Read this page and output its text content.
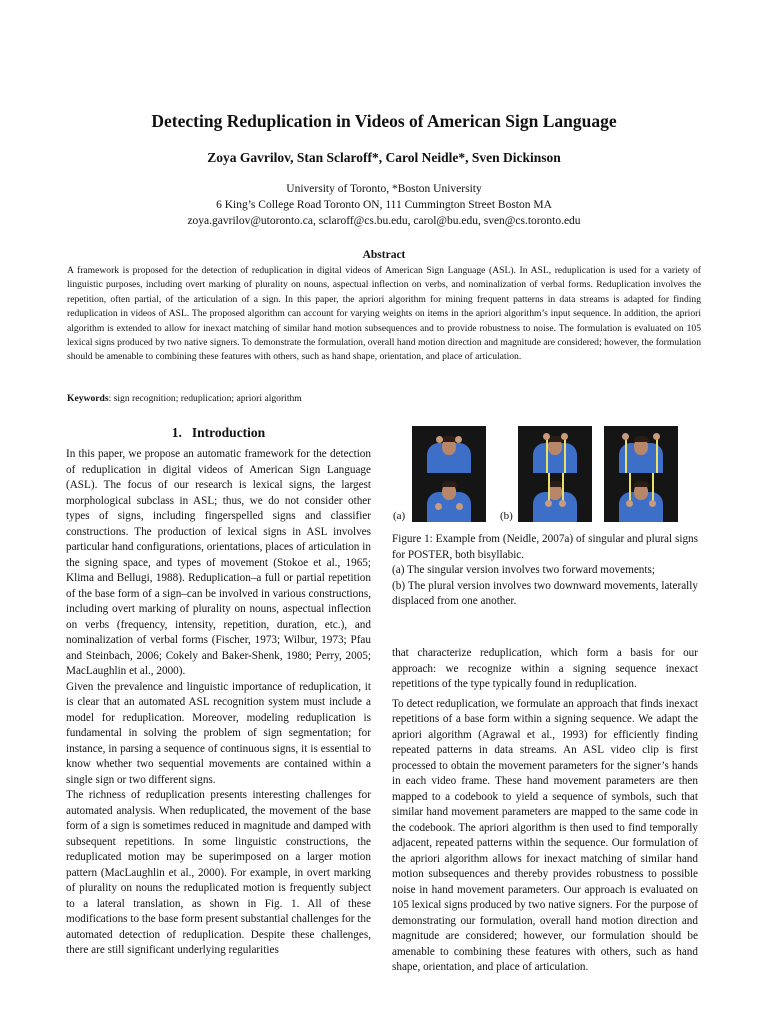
Detecting Reduplication in Videos of American Sign Language
Zoya Gavrilov, Stan Sclaroff*, Carol Neidle*, Sven Dickinson
University of Toronto, *Boston University
6 King’s College Road Toronto ON, 111 Cummington Street Boston MA
zoya.gavrilov@utoronto.ca, sclaroff@cs.bu.edu, carol@bu.edu, sven@cs.toronto.edu
Abstract

A framework is proposed for the detection of reduplication in digital videos of American Sign Language (ASL). In ASL, reduplication is used for a variety of linguistic purposes, including overt marking of plurality on nouns, aspectual inflection on verbs, and nominalization of verbal forms. Reduplication involves the repetition, often partial, of the articulation of a sign. In this paper, the apriori algorithm for mining frequent patterns in data streams is adapted for finding reduplication in videos of ASL. The proposed algorithm can account for varying weights on items in the apriori algorithm’s input sequence. In addition, the apriori algorithm is extended to allow for inexact matching of similar hand motion subsequences and to provide robustness to noise. The formulation is evaluated on 105 lexical signs produced by two native signers. To demonstrate the formulation, overall hand motion direction and magnitude are considered; however, the formulation should be amenable to combining these features with others, such as hand shape, orientation, and place of articulation.

Keywords: sign recognition; reduplication; apriori algorithm
1. Introduction

In this paper, we propose an automatic framework for the detection of reduplication in digital videos of American Sign Language (ASL). The focus of our research is lexical signs, the largest morphological subclass in ASL; thus, we do not consider other types of signs, including fingerspelled signs and classifier constructions. The production of lexical signs in ASL involves particular hand configurations, orientations, places of articulation in the signing space, and types of movement (Stokoe et al., 1965; Klima and Bellugi, 1988). Reduplication–a full or partial repetition of the base form of a sign–can be involved in various constructions, including overt marking of plurality on nouns, aspectual inflection on verbs (frequency, intensity, repetition, duration, etc.), and nominalization of verbal forms (Fischer, 1973; Wilbur, 1973; Pfau and Steinbach, 2006; Cokely and Baker-Shenk, 1980; Perry, 2005; MacLaughlin et al., 2000).

Given the prevalence and linguistic importance of reduplication, it is clear that an automated ASL recognition system must include a model for reduplication. Moreover, modeling reduplication is fundamental in solving the problem of sign segmentation; for instance, in parsing a sequence of continuous signs, it is essential to know whether two sequential movements are contained within a single sign or two different signs.

The richness of reduplication presents interesting challenges for automated analysis. When reduplicated, the movement of the base form of a sign is sometimes reduced in magnitude and damped with subsequent repetitions. In some linguistic constructions, the reduplicated motion may be superimposed on a larger motion pattern (MacLaughlin et al., 2000). For example, in overt marking of plurality on nouns the reduplicated motion is frequently subject to a lateral translation, as shown in Fig. 1. All of these modifications to the base form present substantial challenges for the automated detection of reduplication. Despite these challenges, there are still significant underlying regularities

(a)	(b)
Figure 1: Example from (Neidle, 2007a) of singular and plural signs for POSTER, both bisyllabic.
(a) The singular version involves two forward movements;
(b) The plural version involves two downward movements, laterally displaced from one another.

that characterize reduplication, which form a basis for our approach: we recognize within a signing sequence inexact repetitions of the type typically found in reduplication.

To detect reduplication, we formulate an approach that finds inexact repetitions of a base form within a signing sequence. We adapt the apriori algorithm (Agrawal et al., 1993) for efficiently finding repeated patterns in data streams. An ASL video clip is first processed to obtain the movement parameters for the signer’s hands in each video frame. These hand movement parameters are then mapped to a codebook to yield a sequence of symbols, such that similar hand movement parameters are mapped to the same code in the codebook. The apriori algorithm is then used to find temporally adjacent, repeated patterns within the sequence. Our formulation of the apriori algorithm allows for inexact matching of similar hand motion subsequences and thereby provides robustness to possible noise in hand movement parameters. Our approach is evaluated on 105 lexical signs produced by two native signers. For the purpose of demonstrating our formulation, overall hand motion direction and magnitude are considered; however, our formulation should be amenable to combining these features with others, such as hand shape, orientation, and place of articulation.
